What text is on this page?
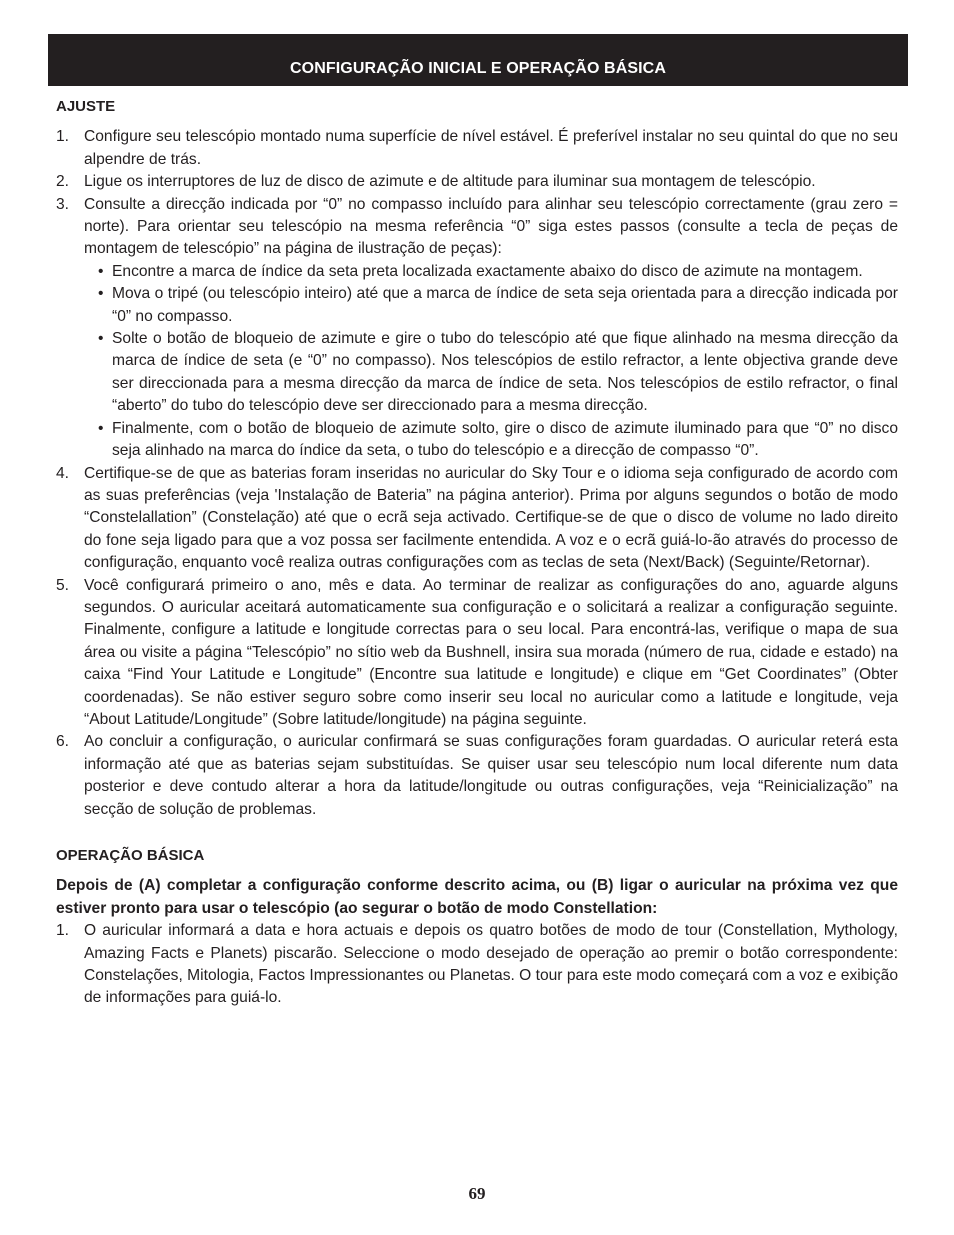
CONFIGURAÇÃO INICIAL E OPERAÇÃO BÁSICA
AJUSTE
1. Configure seu telescópio montado numa superfície de nível estável. É preferível instalar no seu quintal do que no seu alpendre de trás.
2. Ligue os interruptores de luz de disco de azimute e de altitude para iluminar sua montagem de telescópio.
3. Consulte a direcção indicada por “0” no compasso incluído para alinhar seu telescópio correctamente (grau zero = norte). Para orientar seu telescópio na mesma referência “0” siga estes passos (consulte a tecla de peças de montagem de telescópio” na página de ilustração de peças):
• Encontre a marca de índice da seta preta localizada exactamente abaixo do disco de azimute na montagem.
• Mova o tripé (ou telescópio inteiro) até que a marca de índice de seta seja orientada para a direcção indicada por “0” no compasso.
• Solte o botão de bloqueio de azimute e gire o tubo do telescópio até que fique alinhado na mesma direcção da marca de índice de seta (e “0” no compasso). Nos telescópios de estilo refractor, a lente objectiva grande deve ser direccionada para a mesma direcção da marca de índice de seta. Nos telescópios de estilo refractor, o final “aberto” do tubo do telescópio deve ser direccionado para a mesma direcção.
• Finalmente, com o botão de bloqueio de azimute solto, gire o disco de azimute iluminado para que “0” no disco seja alinhado na marca do índice da seta, o tubo do telescópio e a direcção de compasso “0”.
4. Certifique-se de que as baterias foram inseridas no auricular do Sky Tour e o idioma seja configurado de acordo com as suas preferências (veja 'Instalação de Bateria” na página anterior). Prima por alguns segundos o botão de modo “Constelallation” (Constelação) até que o ecrã seja activado. Certifique-se de que o disco de volume no lado direito do fone seja ligado para que a voz possa ser facilmente entendida. A voz e o ecrã guiá-lo-ão através do processo de configuração, enquanto você realiza outras configurações com as teclas de seta (Next/Back) (Seguinte/Retornar).
5. Você configurará primeiro o ano, mês e data. Ao terminar de realizar as configurações do ano, aguarde alguns segundos. O auricular aceitará automaticamente sua configuração e o solicitará a realizar a configuração seguinte. Finalmente, configure a latitude e longitude correctas para o seu local. Para encontrá-las, verifique o mapa de sua área ou visite a página “Telescópio” no sítio web da Bushnell, insira sua morada (número de rua, cidade e estado) na caixa “Find Your Latitude e Longitude” (Encontre sua latitude e longitude) e clique em “Get Coordinates” (Obter coordenadas). Se não estiver seguro sobre como inserir seu local no auricular como a latitude e longitude, veja “About Latitude/Longitude” (Sobre latitude/longitude) na página seguinte.
6. Ao concluir a configuração, o auricular confirmará se suas configurações foram guardadas. O auricular reterá esta informação até que as baterias sejam substituídas. Se quiser usar seu telescópio num local diferente num data posterior e deve contudo alterar a hora da latitude/longitude ou outras configurações, veja “Reinicialização” na secção de solução de problemas.
OPERAÇÃO BÁSICA

Depois de (A) completar a configuração conforme descrito acima, ou (B) ligar o auricular na próxima vez que estiver pronto para usar o telescópio (ao segurar o botão de modo Constellation:

1. O auricular informará a data e hora actuais e depois os quatro botões de modo de tour (Constellation, Mythology, Amazing Facts e Planets) piscarão. Seleccione o modo desejado de operação ao premir o botão correspondente: Constelações, Mitologia, Factos Impressionantes ou Planetas. O tour para este modo começará com a voz e exibição de informações para guiá-lo.
69
